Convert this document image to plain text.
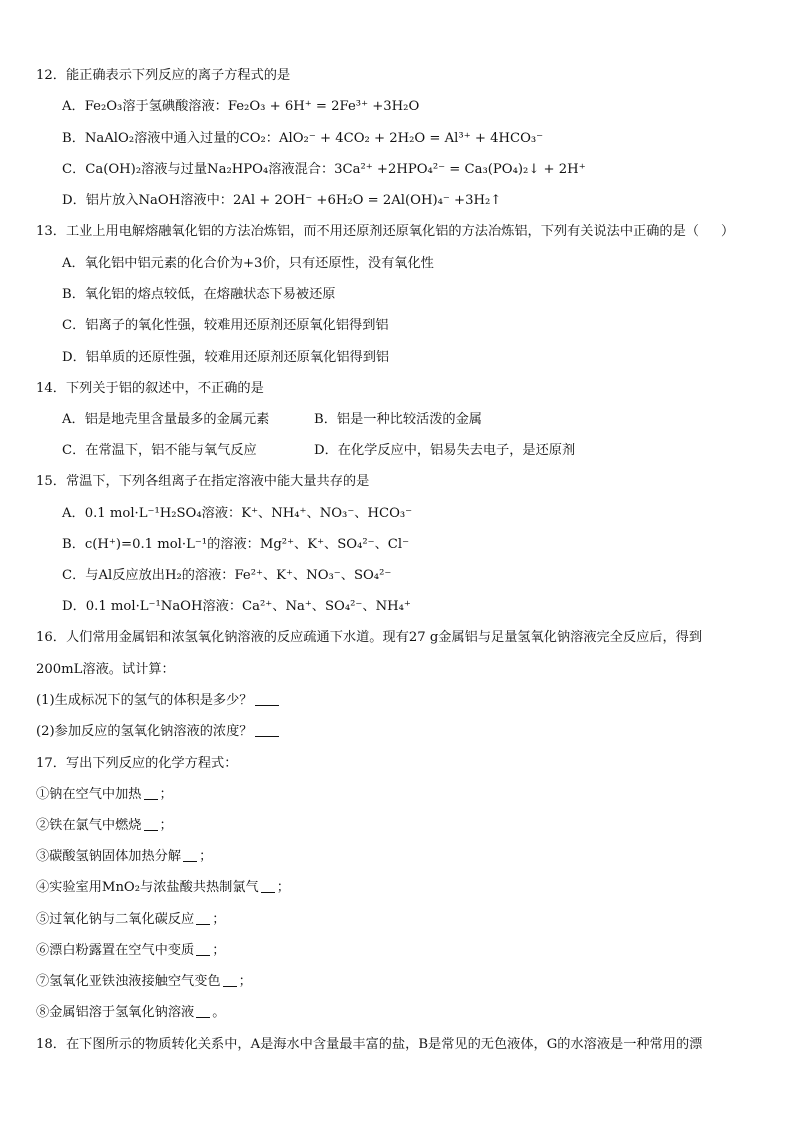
12．能正确表示下列反应的离子方程式的是
A．Fe₂O₃溶于氢碘酸溶液：Fe₂O₃ + 6H⁺ = 2Fe³⁺ +3H₂O
B．NaAlO₂溶液中通入过量的CO₂：AlO₂⁻ + 4CO₂ + 2H₂O = Al³⁺ + 4HCO₃⁻
C．Ca(OH)₂溶液与过量Na₂HPO₄溶液混合：3Ca²⁺ +2HPO₄²⁻ = Ca₃(PO₄)₂↓ + 2H⁺
D．铝片放入NaOH溶液中：2Al + 2OH⁻ +6H₂O = 2Al(OH)₄⁻ +3H₂↑
13．工业上用电解熔融氧化铝的方法冶炼铝，而不用还原剂还原氧化铝的方法冶炼铝，下列有关说法中正确的是（ ）
A．氧化铝中铝元素的化合价为+3价，只有还原性，没有氧化性
B．氧化铝的熔点较低，在熔融状态下易被还原
C．铝离子的氧化性强，较难用还原剂还原氧化铝得到铝
D．铝单质的还原性强，较难用还原剂还原氧化铝得到铝
14．下列关于铝的叙述中，不正确的是
A．铝是地壳里含量最多的金属元素	B．铝是一种比较活泼的金属
C．在常温下，铝不能与氧气反应	D．在化学反应中，铝易失去电子，是还原剂
15．常温下，下列各组离子在指定溶液中能大量共存的是
A．0.1 mol·L⁻¹H₂SO₄溶液：K⁺、NH₄⁺、NO₃⁻、HCO₃⁻
B．c(H⁺)=0.1 mol·L⁻¹的溶液：Mg²⁺、K⁺、SO₄²⁻、Cl⁻
C．与Al反应放出H₂的溶液：Fe²⁺、K⁺、NO₃⁻、SO₄²⁻
D．0.1 mol·L⁻¹NaOH溶液：Ca²⁺、Na⁺、SO₄²⁻、NH₄⁺
16．人们常用金属铝和浓氢氧化钠溶液的反应疏通下水道。现有27 g金属铝与足量氢氧化钠溶液完全反应后，得到
200mL溶液。试计算：
(1)生成标况下的氢气的体积是多少？
(2)参加反应的氢氧化钠溶液的浓度？
17．写出下列反应的化学方程式：
①钠在空气中加热 ；
②铁在氯气中燃烧 ；
③碳酸氢钠固体加热分解 ；
④实验室用MnO₂与浓盐酸共热制氯气 ；
⑤过氧化钠与二氧化碳反应 ；
⑥漂白粉露置在空气中变质 ；
⑦氢氧化亚铁浊液接触空气变色 ；
⑧金属铝溶于氢氧化钠溶液 。
18．在下图所示的物质转化关系中，A是海水中含量最丰富的盐，B是常见的无色液体，G的水溶液是一种常用的漂
